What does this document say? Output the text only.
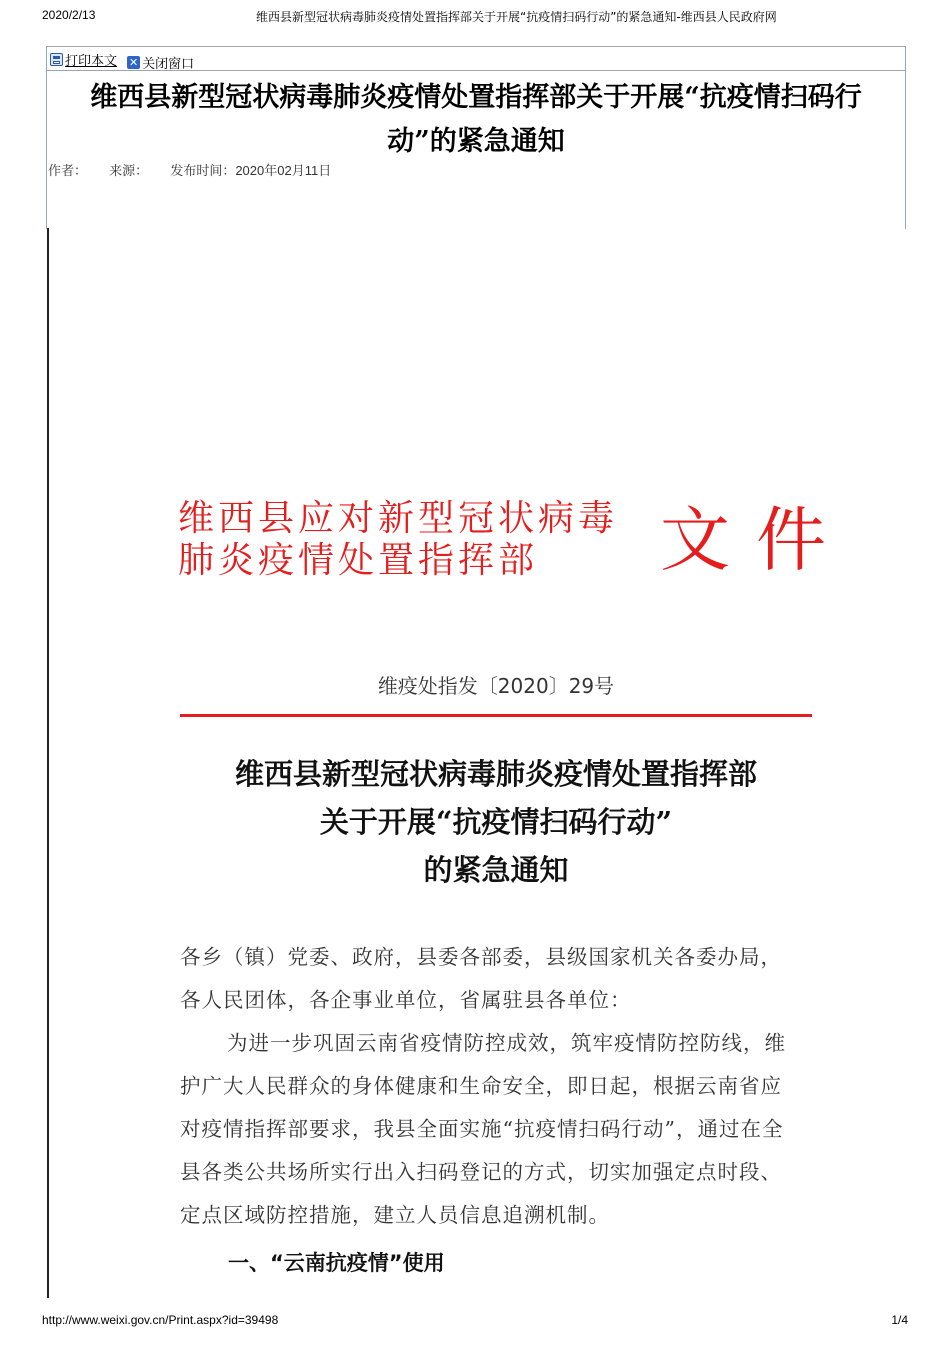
2020/2/13	维西县新型冠状病毒肺炎疫情处置指挥部关于开展“抗疫情扫码行动”的紧急通知-维西县人民政府网
打印本文
✕ 关闭窗口
维西县新型冠状病毒肺炎疫情处置指挥部关于开展“抗疫情扫码行动”的紧急通知
作者： 来源： 发布时间：2020年02月11日
维西县应对新型冠状病毒肺炎疫情处置指挥部	文件
维疫处指发〔2020〕29号
维西县新型冠状病毒肺炎疫情处置指挥部
关于开展“抗疫情扫码行动”
的紧急通知
各乡（镇）党委、政府，县委各部委，县级国家机关各委办局，各人民团体，各企事业单位，省属驻县各单位：
为进一步巩固云南省疫情防控成效，筑牢疫情防控防线，维护广大人民群众的身体健康和生命安全，即日起，根据云南省应对疫情指挥部要求，我县全面实施“抗疫情扫码行动”，通过在全县各类公共场所实行出入扫码登记的方式，切实加强定点时段、定点区域防控措施，建立人员信息追溯机制。
一、“云南抗疫情”使用
http://www.weixi.gov.cn/Print.aspx?id=39498	1/4
